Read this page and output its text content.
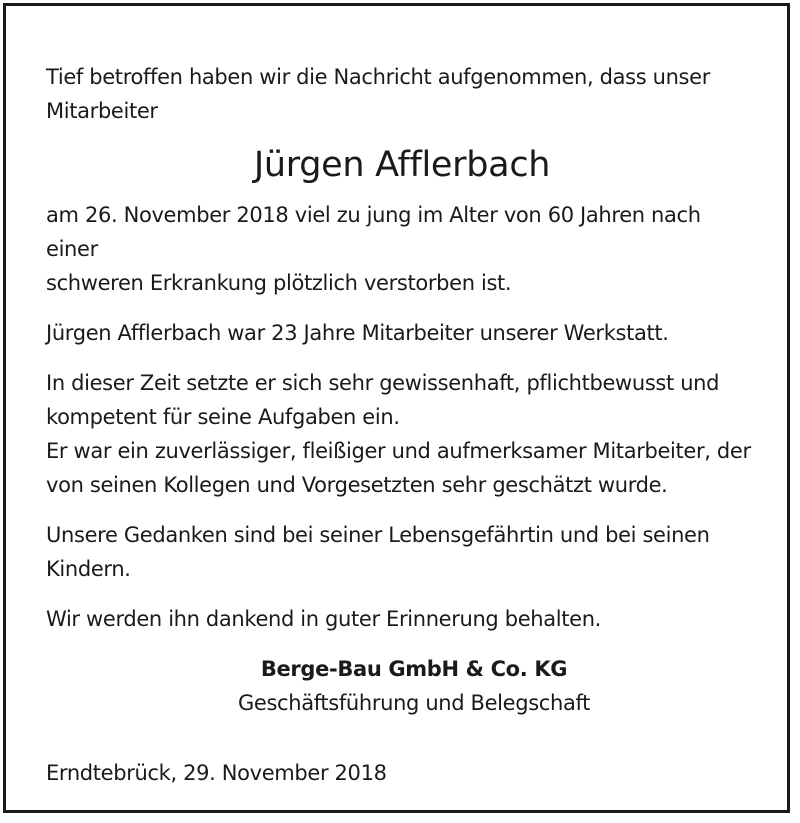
Tief betroffen haben wir die Nachricht aufgenommen, dass unser

Mitarbeiter

Jürgen Afflerbach

am 26. November 2018 viel zu jung im Alter von 60 Jahren nach einer

schweren Erkrankung plötzlich verstorben ist.

Jürgen Afflerbach war 23 Jahre Mitarbeiter unserer Werkstatt.

In dieser Zeit setzte er sich sehr gewissenhaft, pflichtbewusst und

kompetent für seine Aufgaben ein.

Er war ein zuverlässiger, fleißiger und aufmerksamer Mitarbeiter, der

von seinen Kollegen und Vorgesetzten sehr geschätzt wurde.

Unsere Gedanken sind bei seiner Lebensgefährtin und bei seinen

Kindern.

Wir werden ihn dankend in guter Erinnerung behalten.

Berge-Bau GmbH & Co. KG

Geschäftsführung und Belegschaft

Erndtebrück, 29. November 2018
